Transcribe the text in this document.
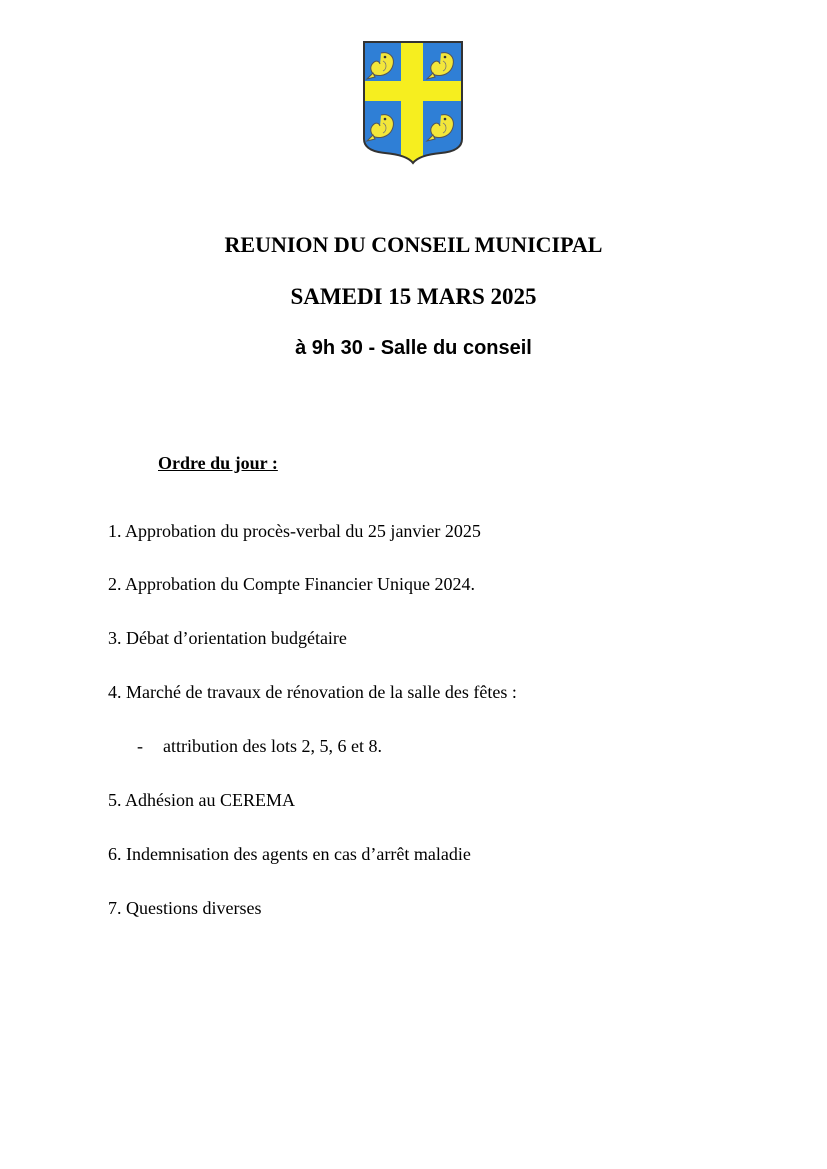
REUNION DU CONSEIL MUNICIPAL
SAMEDI 15 MARS 2025
à 9h 30 - Salle du conseil

Ordre du jour :

1. Approbation du procès-verbal du 25 janvier 2025

2. Approbation du Compte Financier Unique 2024.

3. Débat d’orientation budgétaire

4. Marché de travaux de rénovation de la salle des fêtes :

- attribution des lots 2, 5, 6 et 8.

5. Adhésion au CEREMA

6. Indemnisation des agents en cas d’arrêt maladie

7. Questions diverses
